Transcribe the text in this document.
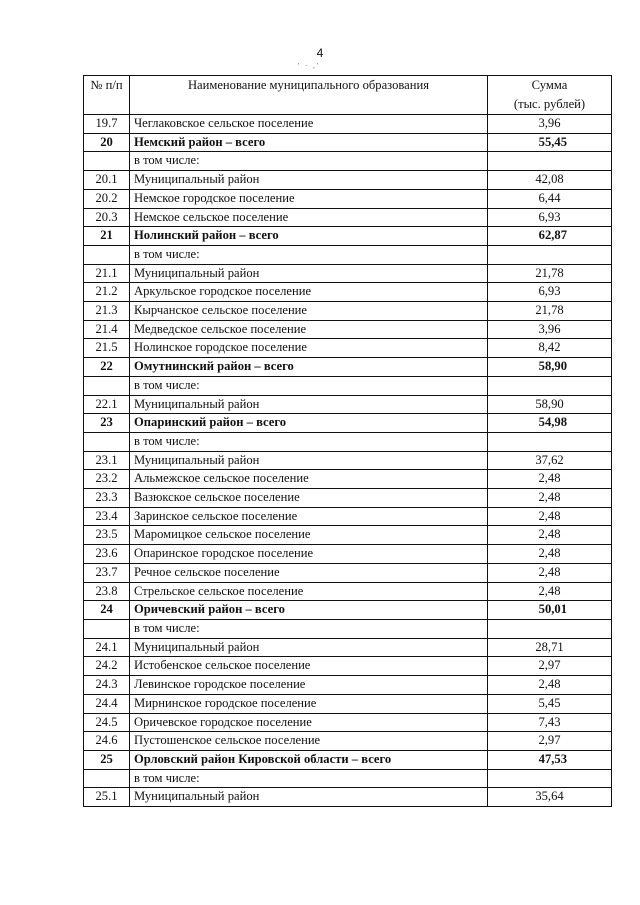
4
' · ,'
№ п/п	Наименование муниципального образования	Сумма
(тыс. рублей)

19.7	Чеглаковское сельское поселение	3,96
20	Немский район – всего	55,45
	в том числе:	
20.1	Муниципальный район	42,08
20.2	Немское городское поселение	6,44
20.3	Немское сельское поселение	6,93
21	Нолинский район – всего	62,87
	в том числе:	
21.1	Муниципальный район	21,78
21.2	Аркульское городское поселение	6,93
21.3	Кырчанское сельское поселение	21,78
21.4	Медведское сельское поселение	3,96
21.5	Нолинское городское поселение	8,42
22	Омутнинский район – всего	58,90
	в том числе:	
22.1	Муниципальный район	58,90
23	Опаринский район – всего	54,98
	в том числе:	
23.1	Муниципальный район	37,62
23.2	Альмежское сельское поселение	2,48
23.3	Вазюкское сельское поселение	2,48
23.4	Заринское сельское поселение	2,48
23.5	Маромицкое сельское поселение	2,48
23.6	Опаринское городское поселение	2,48
23.7	Речное сельское поселение	2,48
23.8	Стрельское сельское поселение	2,48
24	Оричевский район – всего	50,01
	в том числе:	
24.1	Муниципальный район	28,71
24.2	Истобенское сельское поселение	2,97
24.3	Левинское городское поселение	2,48
24.4	Мирнинское городское поселение	5,45
24.5	Оричевское городское поселение	7,43
24.6	Пустошенское сельское поселение	2,97
25	Орловский район Кировской области – всего	47,53
	в том числе:	
25.1	Муниципальный район	35,64
